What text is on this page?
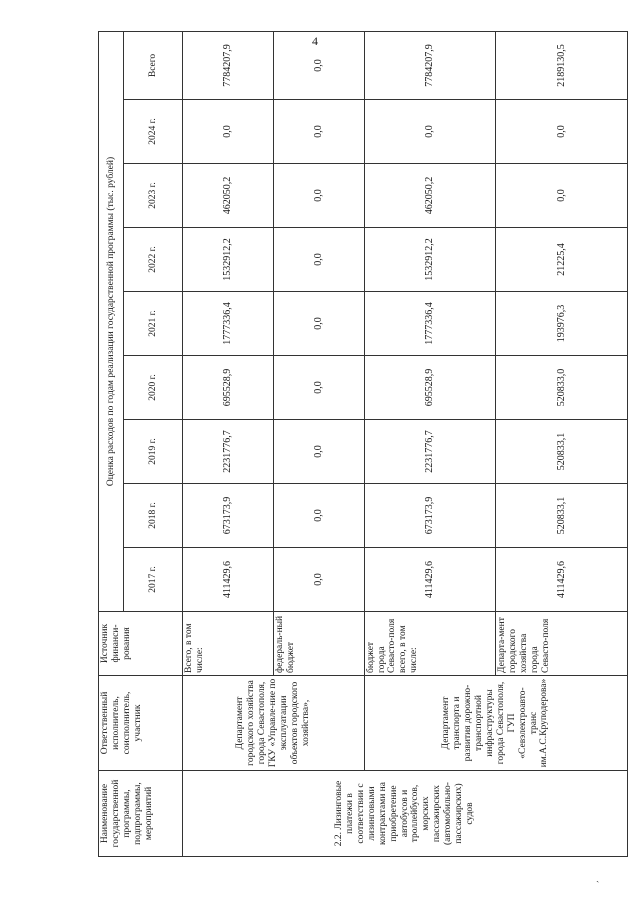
4
Наименование государственной программы, подпрограммы, мероприятий	Ответственный исполнитель, соисполнитель, участник	Источник финанси-рования	Оценка расходов по годам реализации государственной программы (тыс. рублей)								
			2017 г.	2018 г.	2019 г.	2020 г.	2021 г.	2022 г.	2023 г.	2024 г.	Всего
2.2. Лизинговые платежи в соответствии с лизинговыми контрактами на приобретение автобусов и троллейбусов, морских пассажирских (автомобильно-пассажирских) судов	Департамент городского хозяйства города Севастополя, ГКУ «Управле-ние по эксплуатации объектов городского хозяйства»,	Всего, в том числе:	411429,6	673173,9	2231776,7	695528,9	1777336,4	1532912,2	462050,2	0,0	7784207,9
		федераль-ный бюджет	0,0	0,0	0,0	0,0	0,0	0,0	0,0	0,0	0,0
	Департамент транспорта и развития дорожно-транспортной инфраструктуры города Севастополя, ГУП «Севэлектроавто-транс им.А.С.Круподерова»	бюджет города Севасто-поля всего, в том числе:	411429,6	673173,9	2231776,7	695528,9	1777336,4	1532912,2	462050,2	0,0	7784207,9
		Департа-мент городского хозяйства города Севасто-поля	411429,6	520833,1	520833,1	520833,0	193976,3	21225,4	0,0	0,0	2189130,5
ˎ
